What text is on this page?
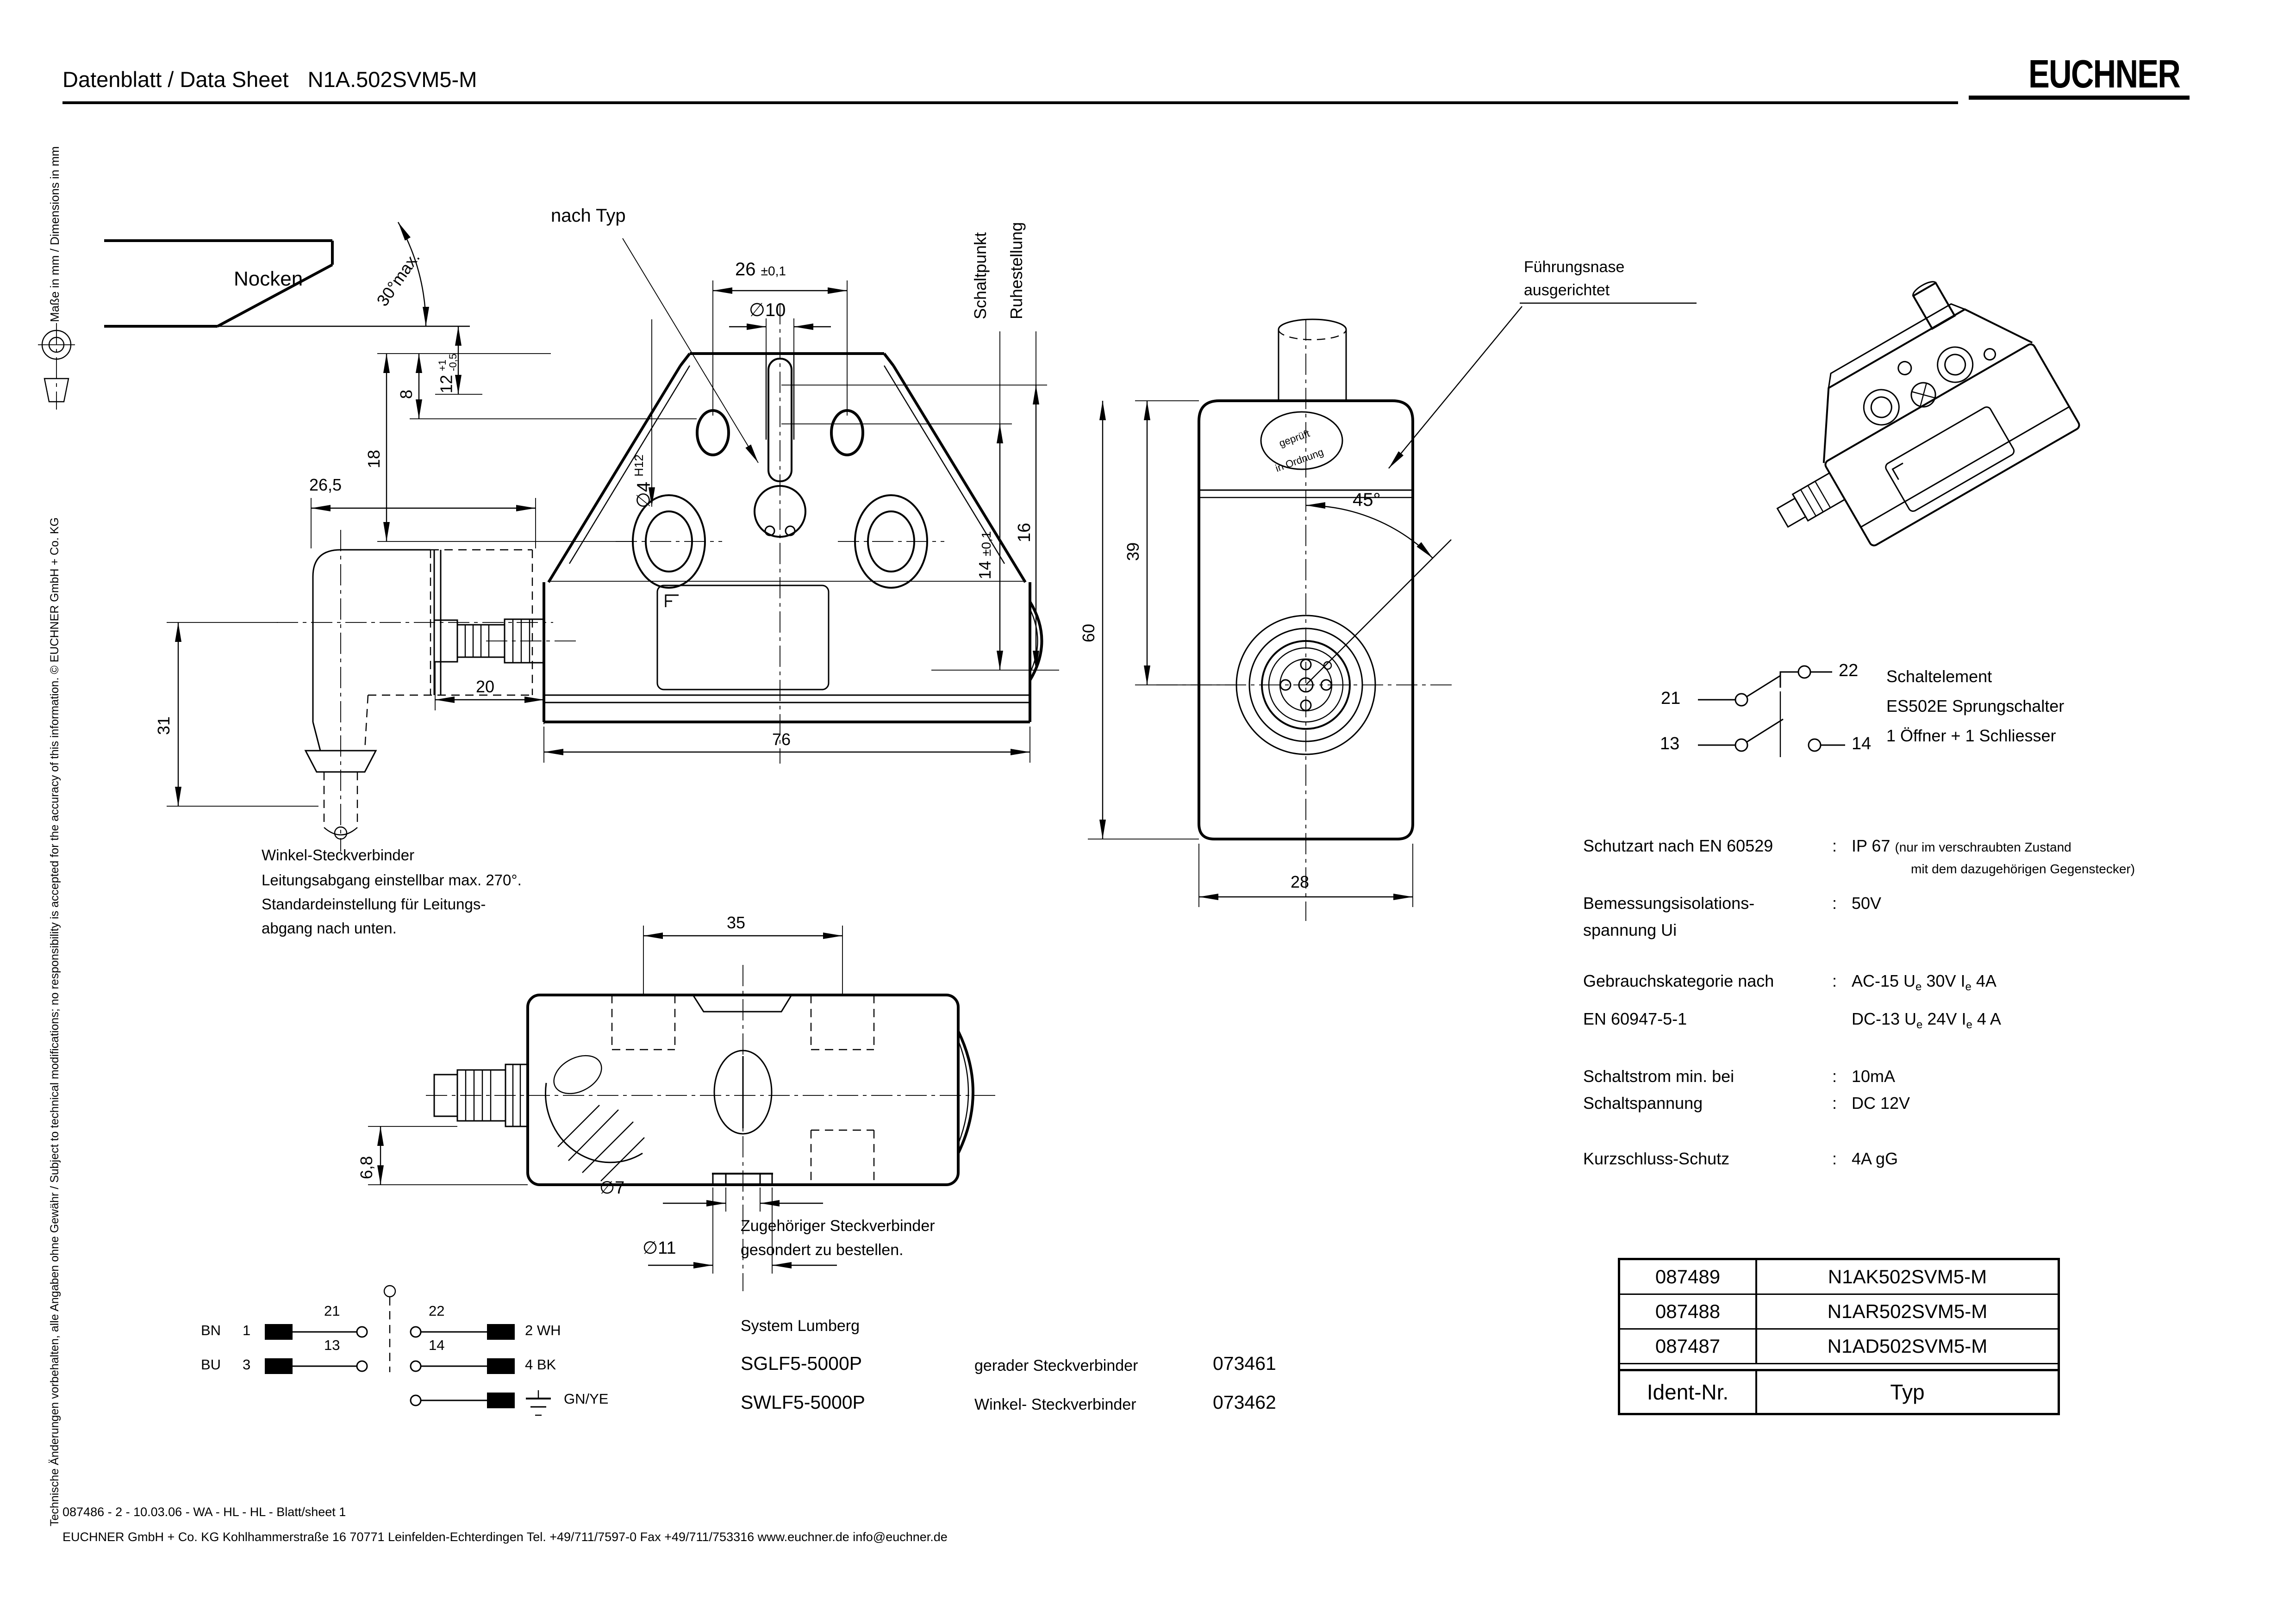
Datenblatt / Data Sheet N1A.502SVM5-M	EUCHNER
Maße in mm / Dimensions in mm
Technische Änderungen vorbehalten, alle Angaben ohne Gewähr / Subject to technical modifications; no responsibility is accepted for the accuracy of this information. © EUCHNER GmbH + Co. KG
Nocken	30°max.
12
+1
-0,5
nach Typ
26 ±0,1
∅10
∅4 $^{H12}$
8
18
14 ±0,1 16
Schaltpunkt Ruhestellung
20
76
26,5
31
Winkel-Steckverbinder
Leitungsabgang einstellbar max. 270°.
Standardeinstellung für Leitungs-
abgang nach unten.
39
60
28
45°
Führungsnase
ausgerichtet
geprüft
in Ordnung
35
6,8
∅7
∅11
21
22
13	14
Schaltelement
ES502E Sprungschalter
1 Öffner + 1 Schliesser
Schutzart nach EN 60529	: IP 67 (nur im verschraubten Zustand
mit dem dazugehörigen Gegenstecker)
Bemessungsisolations-
spannung Ui
: 50V
Gebrauchskategorie nach	: AC-15 $U_e$ 30V $I_e$ 4A
EN 60947-5-1	DC-13 $U_e$ 24V $I_e$ 4 A
Schaltstrom min. bei	: 10mA
Schaltspannung	: DC 12V
Kurzschluss-Schutz	: 4A gG
BN 1
21	22
2 WH
BU 3
13	14
4 BK
GN/YE
Zugehöriger Steckverbinder
gesondert zu bestellen.
System Lumberg
SGLF5-5000P	gerader Steckverbinder	073461
SWLF5-5000P	Winkel- Steckverbinder	073462
087489	N1AK502SVM5-M
087488	N1AR502SVM5-M
087487	N1AD502SVM5-M
Ident-Nr.	Typ
087486 - 2 - 10.03.06 - WA - HL - HL - Blatt/sheet 1
EUCHNER GmbH + Co. KG Kohlhammerstraße 16 70771 Leinfelden-Echterdingen Tel. +49/711/7597-0 Fax +49/711/753316 www.euchner.de info@euchner.de
